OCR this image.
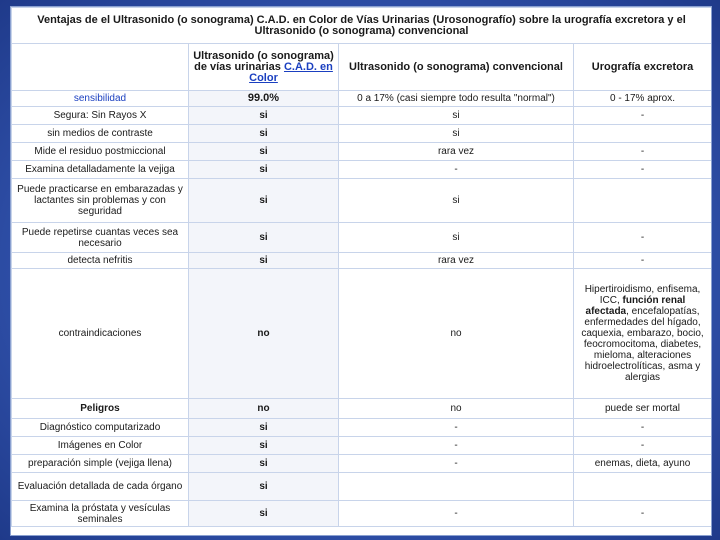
Ventajas de el Ultrasonido (o sonograma) C.A.D. en Color de Vías Urinarias (Urosonografío) sobre la urografía excretora y el Ultrasonido (o sonograma) convencional			
	Ultrasonido (o sonograma) de vías urinarias C.A.D. en Color	Ultrasonido (o sonograma) convencional	Urografía excretora
sensibilidad	99.0%	0 a 17% (casi siempre todo resulta "normal")	0 - 17% aprox.
Segura: Sin Rayos X	si	si	-
sin medios de contraste	si	si	
Mide el residuo postmiccional	si	rara vez	-
Examina detalladamente la vejiga	si	-	-
Puede practicarse en embarazadas y lactantes sin problemas y con seguridad	si	si	
Puede repetirse cuantas veces sea necesario	si	si	-
detecta nefritis	si	rara vez	-
contraindicaciones	no	no	Hipertiroidismo, enfisema, ICC, función renal afectada, encefalopatías, enfermedades del hígado, caquexia, embarazo, bocio, feocromocitoma, diabetes, mieloma, alteraciones hidroelectrolíticas, asma y alergias
Peligros	no	no	puede ser mortal
Diagnóstico computarizado	si	-	-
Imágenes en Color	si	-	-
preparación simple (vejiga llena)	si	-	enemas, dieta, ayuno
Evaluación detallada de cada órgano	si		
Examina la próstata y vesículas seminales	si	-	-
